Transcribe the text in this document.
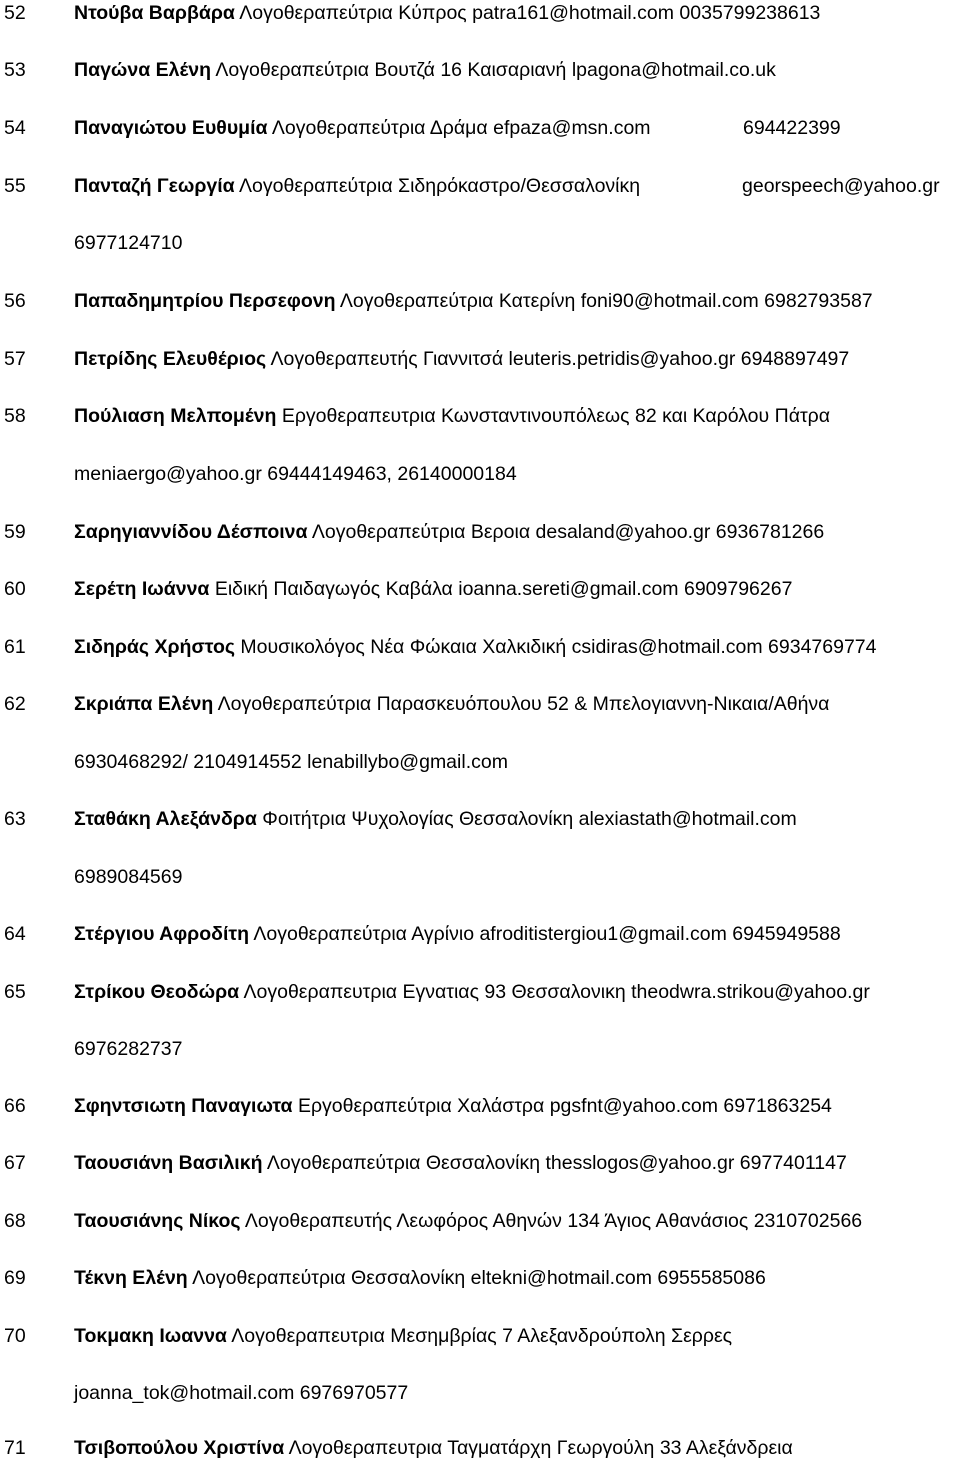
52 Ντούβα Βαρβάρα Λογοθεραπεύτρια Κύπρος patra161@hotmail.com 0035799238613
53 Παγώνα Ελένη Λογοθεραπεύτρια Βουτζά 16 Καισαριανή lpagona@hotmail.co.uk
54 Παναγιώτου Ευθυμία Λογοθεραπεύτρια Δράμα efpaza@msn.com	694422399
55 Πανταζή Γεωργία Λογοθεραπεύτρια Σιδηρόκαστρο/Θεσσαλονίκη	georspeech@yahoo.gr
6977124710
56 Παπαδημητρίου Περσεφονη Λογοθεραπεύτρια Κατερίνη foni90@hotmail.com 6982793587
57 Πετρίδης Ελευθέριος Λογοθεραπευτής Γιαννιτσά leuteris.petridis@yahoo.gr 6948897497
58 Πούλιαση Μελπομένη Εργοθεραπευτρια Κωνσταντινουπόλεως 82 και Καρόλου Πάτρα
meniaergo@yahoo.gr 69444149463, 26140000184
59 Σαρηγιαννίδου Δέσποινα Λογοθεραπεύτρια Βεροια desaland@yahoo.gr 6936781266
60 Σερέτη Ιωάννα Ειδική Παιδαγωγός Καβάλα ioanna.sereti@gmail.com 6909796267
61 Σιδηράς Χρήστος Μουσικολόγος Νέα Φώκαια Χαλκιδική csidiras@hotmail.com 6934769774
62 Σκριάπα Ελένη Λογοθεραπεύτρια Παρασκευόπουλου 52 & Μπελογιαννη-Νικαια/Αθήνα
6930468292/ 2104914552 lenabillybo@gmail.com
63 Σταθάκη Αλεξάνδρα Φοιτήτρια Ψυχολογίας Θεσσαλονίκη alexiastath@hotmail.com
6989084569
64 Στέργιου Αφροδίτη Λογοθεραπεύτρια Αγρίνιο afroditistergiou1@gmail.com 6945949588
65 Στρίκου Θεοδώρα Λογοθεραπευτρια Εγνατιας 93 Θεσσαλονικη theodwra.strikou@yahoo.gr
6976282737
66 Σφηντσιωτη Παναγιωτα Εργοθεραπεύτρια Χαλάστρα pgsfnt@yahoo.com 6971863254
67 Ταουσιάνη Βασιλική Λογοθεραπεύτρια Θεσσαλονίκη thesslogos@yahoo.gr 6977401147
68 Ταουσιάνης Νίκος Λογοθεραπευτής Λεωφόρος Αθηνών 134 Άγιος Αθανάσιος 2310702566
69 Τέκνη Ελένη Λογοθεραπεύτρια Θεσσαλονίκη eltekni@hotmail.com 6955585086
70 Τοκμακη Ιωαννα Λογοθεραπευτρια Μεσημβρίας 7 Αλεξανδρούπολη Σερρες
joanna_tok@hotmail.com 6976970577
71 Τσιβοπούλου Χριστίνα Λογοθεραπευτρια Ταγματάρχη Γεωργούλη 33 Αλεξάνδρεια
